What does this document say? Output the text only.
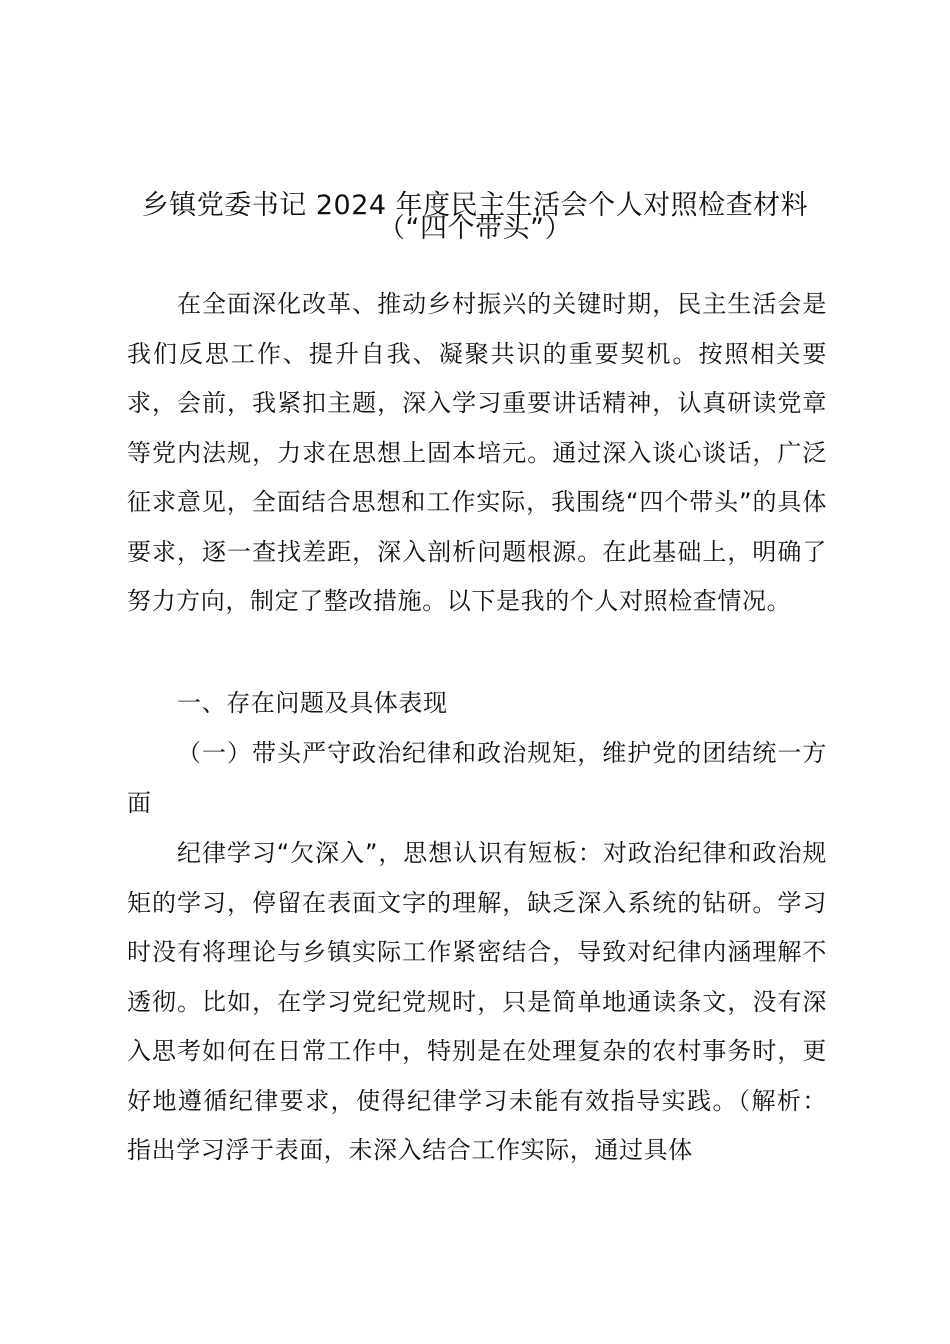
乡镇党委书记 2024 年度民主生活会个人对照检查材料
（“四个带头”）
在全面深化改革、推动乡村振兴的关键时期，民主生活会是我们反思工作、提升自我、凝聚共识的重要契机。按照相关要求，会前，我紧扣主题，深入学习重要讲话精神，认真研读党章等党内法规，力求在思想上固本培元。通过深入谈心谈话，广泛征求意见，全面结合思想和工作实际，我围绕“四个带头”的具体要求，逐一查找差距，深入剖析问题根源。在此基础上，明确了努力方向，制定了整改措施。以下是我的个人对照检查情况。
一、存在问题及具体表现
（一）带头严守政治纪律和政治规矩，维护党的团结统一方面
纪律学习“欠深入”，思想认识有短板：对政治纪律和政治规矩的学习，停留在表面文字的理解，缺乏深入系统的钻研。学习时没有将理论与乡镇实际工作紧密结合，导致对纪律内涵理解不透彻。比如，在学习党纪党规时，只是简单地通读条文，没有深入思考如何在日常工作中，特别是在处理复杂的农村事务时，更好地遵循纪律要求，使得纪律学习未能有效指导实践。（解析：指出学习浮于表面，未深入结合工作实际，通过具体
